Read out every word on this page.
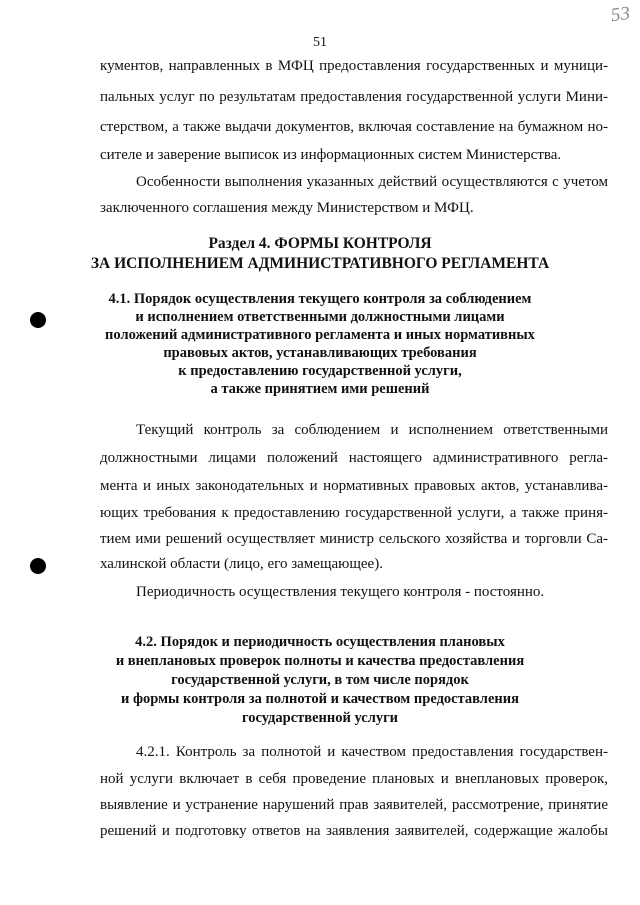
53
51
кументов, направленных в МФЦ предоставления государственных и муници-
пальных услуг по результатам предоставления государственной услуги Мини-
стерством, а также выдачи документов, включая составление на бумажном но-
сителе и заверение выписок из информационных систем Министерства.
Особенности выполнения указанных действий осуществляются с учетом
заключенного соглашения между Министерством и МФЦ.
Раздел 4. ФОРМЫ КОНТРОЛЯ
ЗА ИСПОЛНЕНИЕМ АДМИНИСТРАТИВНОГО РЕГЛАМЕНТА
4.1. Порядок осуществления текущего контроля за соблюдением
и исполнением ответственными должностными лицами
положений административного регламента и иных нормативных
правовых актов, устанавливающих требования
к предоставлению государственной услуги,
а также принятием ими решений
Текущий контроль за соблюдением и исполнением ответственными
должностными лицами положений настоящего административного регла-
мента и иных законодательных и нормативных правовых актов, устанавлива-
ющих требования к предоставлению государственной услуги, а также приня-
тием ими решений осуществляет министр сельского хозяйства и торговли Са-
халинской области (лицо, его замещающее).
Периодичность осуществления текущего контроля - постоянно.
4.2. Порядок и периодичность осуществления плановых
и внеплановых проверок полноты и качества предоставления
государственной услуги, в том числе порядок
и формы контроля за полнотой и качеством предоставления
государственной услуги
4.2.1. Контроль за полнотой и качеством предоставления государствен-
ной услуги включает в себя проведение плановых и внеплановых проверок,
выявление и устранение нарушений прав заявителей, рассмотрение, принятие
решений и подготовку ответов на заявления заявителей, содержащие жалобы
